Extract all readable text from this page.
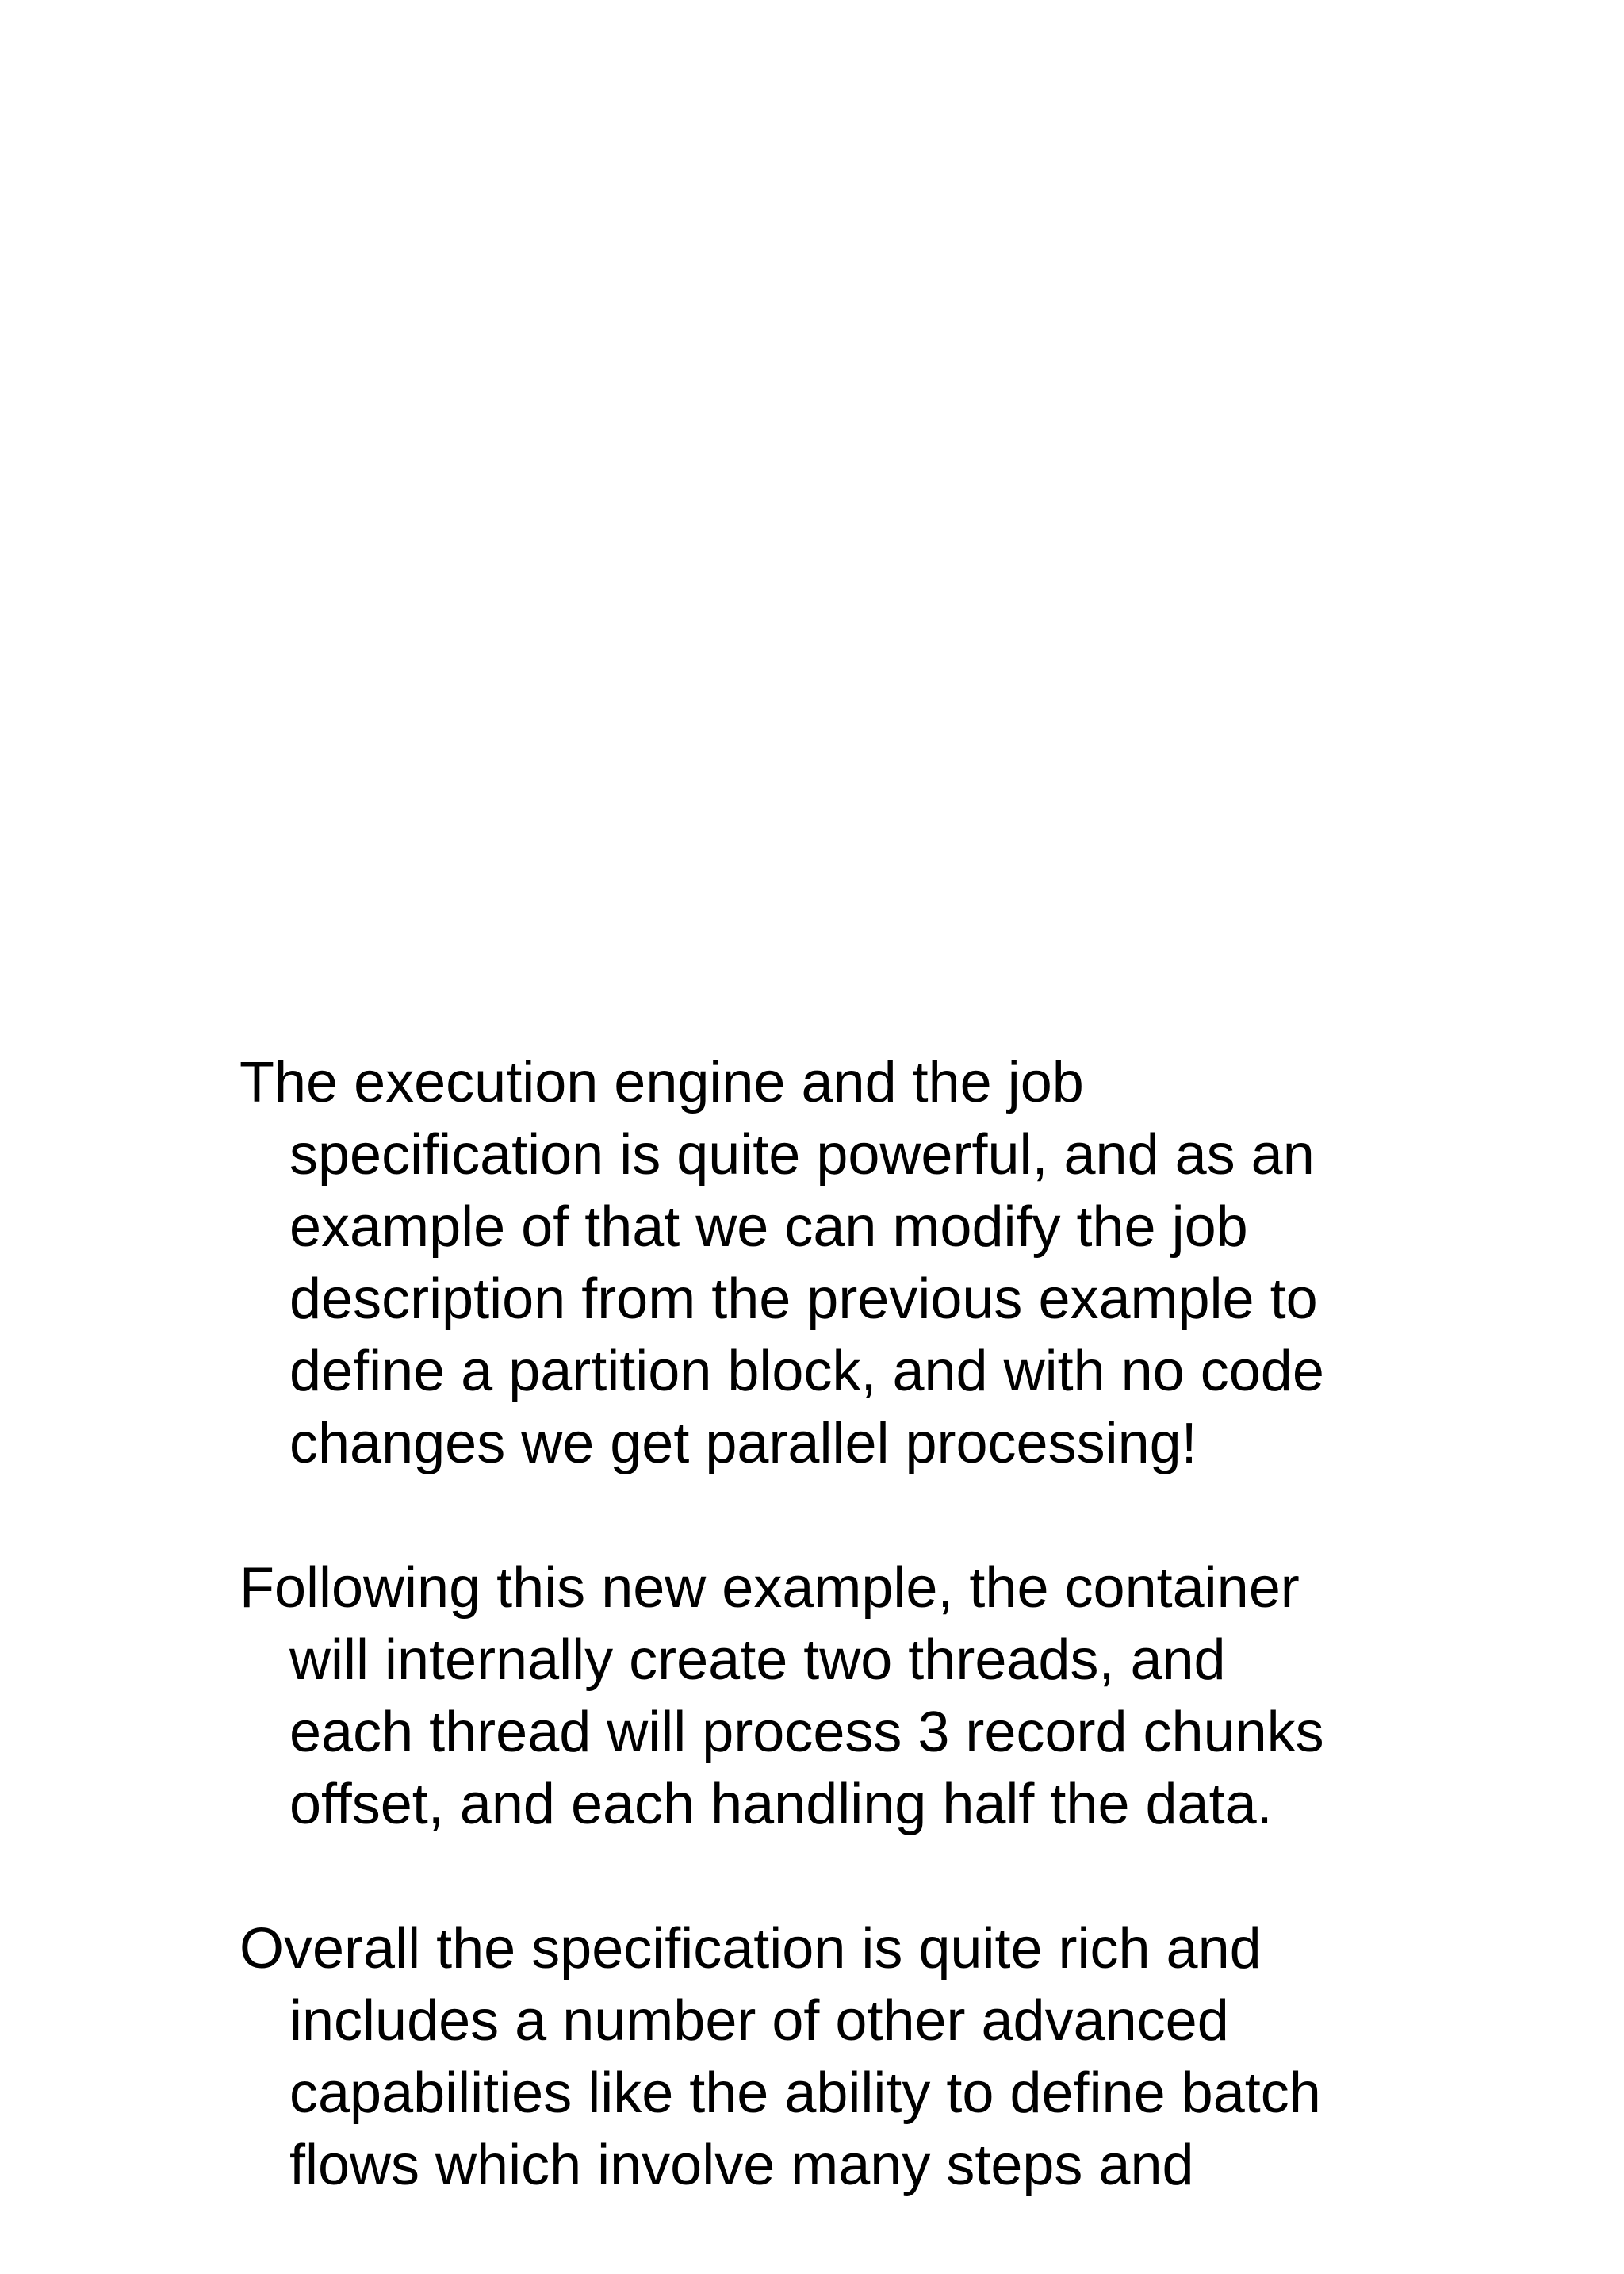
The execution engine and the job
specification is quite powerful, and as an
example of that we can modify the job
description from the previous example to
define a partition block, and with no code
changes we get parallel processing!

Following this new example, the container
will internally create two threads, and
each thread will process 3 record chunks
offset, and each handling half the data.

Overall the specification is quite rich and
includes a number of other advanced
capabilities like the ability to define batch
flows which involve many steps and
